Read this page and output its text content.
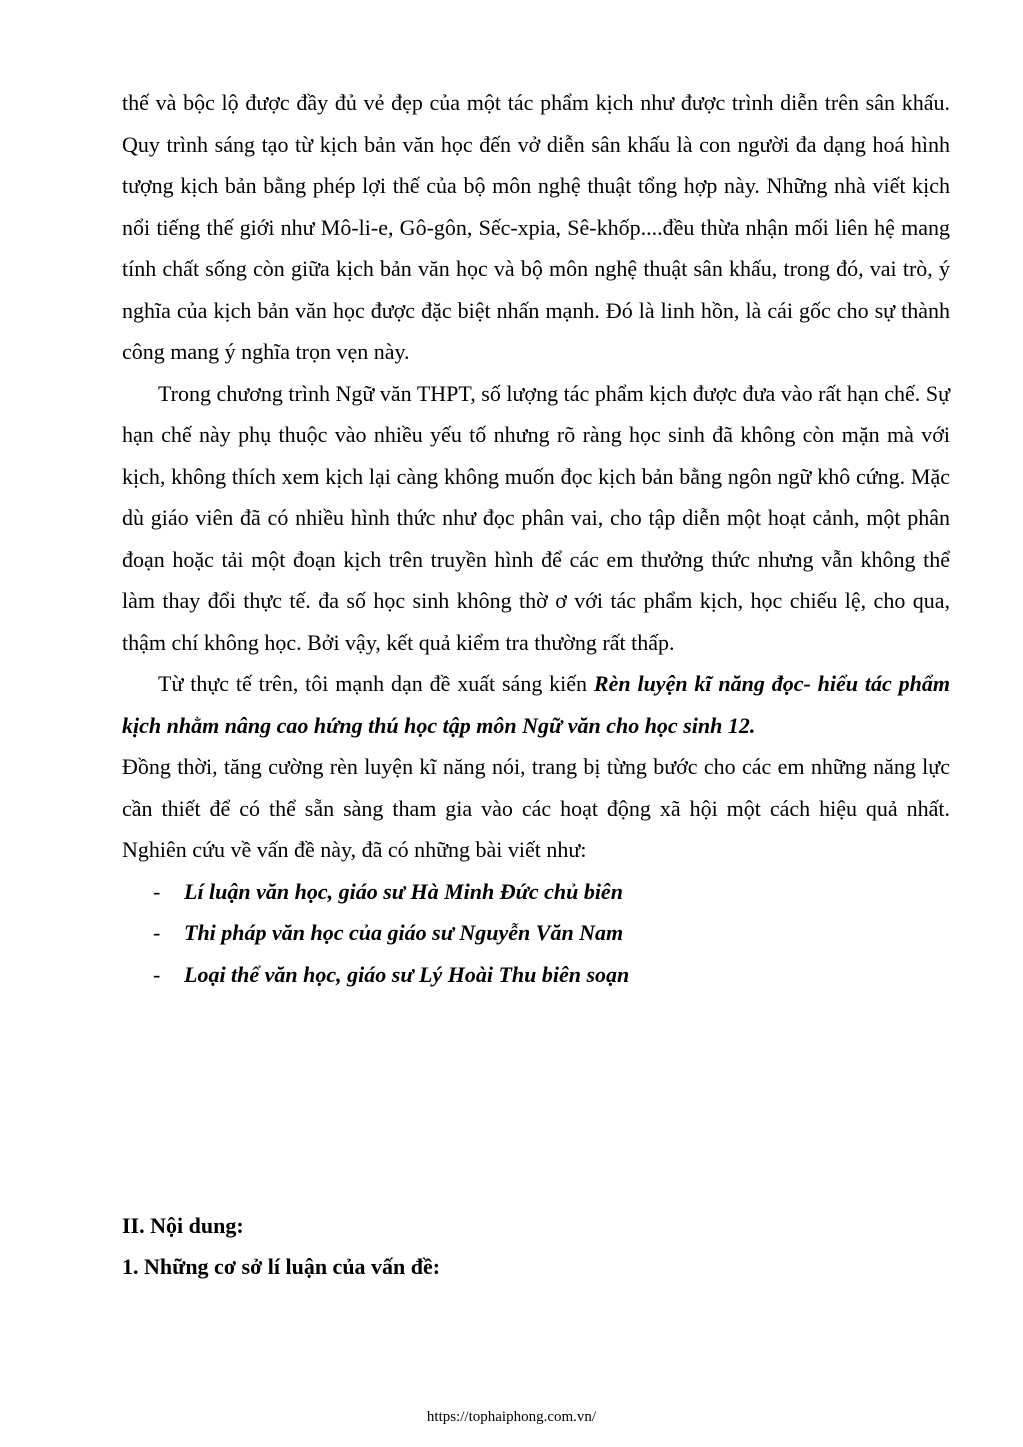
thế và bộc lộ được đầy đủ vẻ đẹp của một tác phẩm kịch như được trình diễn trên sân khấu. Quy trình sáng tạo từ kịch bản văn học đến vở diễn sân khấu là con người đa dạng hoá hình tượng kịch bản bằng phép lợi thế của bộ môn nghệ thuật tổng hợp này. Những nhà viết kịch nổi tiếng thế giới như Mô-li-e, Gô-gôn, Sếc-xpia, Sê-khốp....đều thừa nhận mối liên hệ mang tính chất sống còn giữa kịch bản văn học và bộ môn nghệ thuật sân khấu, trong đó, vai trò, ý nghĩa của kịch bản văn học được đặc biệt nhấn mạnh. Đó là linh hồn, là cái gốc cho sự thành công mang ý nghĩa trọn vẹn này.

Trong chương trình Ngữ văn THPT, số lượng tác phẩm kịch được đưa vào rất hạn chế. Sự hạn chế này phụ thuộc vào nhiều yếu tố nhưng rõ ràng học sinh đã không còn mặn mà với kịch, không thích xem kịch lại càng không muốn đọc kịch bản bằng ngôn ngữ khô cứng. Mặc dù giáo viên đã có nhiều hình thức như đọc phân vai, cho tập diễn một hoạt cảnh, một phân đoạn hoặc tải một đoạn kịch trên truyền hình để các em thưởng thức nhưng vẫn không thể làm thay đổi thực tế. đa số học sinh không thờ ơ với tác phẩm kịch, học chiếu lệ, cho qua, thậm chí không học. Bởi vậy, kết quả kiểm tra thường rất thấp.

Từ thực tế trên, tôi mạnh dạn đề xuất sáng kiến Rèn luyện kĩ năng đọc- hiểu tác phẩm kịch nhằm nâng cao hứng thú học tập môn Ngữ văn cho học sinh 12.

Đồng thời, tăng cường rèn luyện kĩ năng nói, trang bị từng bước cho các em những năng lực cần thiết để có thể sẵn sàng tham gia vào các hoạt động xã hội một cách hiệu quả nhất. Nghiên cứu về vấn đề này, đã có những bài viết như:

- Lí luận văn học, giáo sư Hà Minh Đức chủ biên
- Thi pháp văn học của giáo sư Nguyễn Văn Nam
- Loại thể văn học, giáo sư Lý Hoài Thu biên soạn
II. Nội dung:
1. Những cơ sở lí luận của vấn đề:
https://tophaiphong.com.vn/
